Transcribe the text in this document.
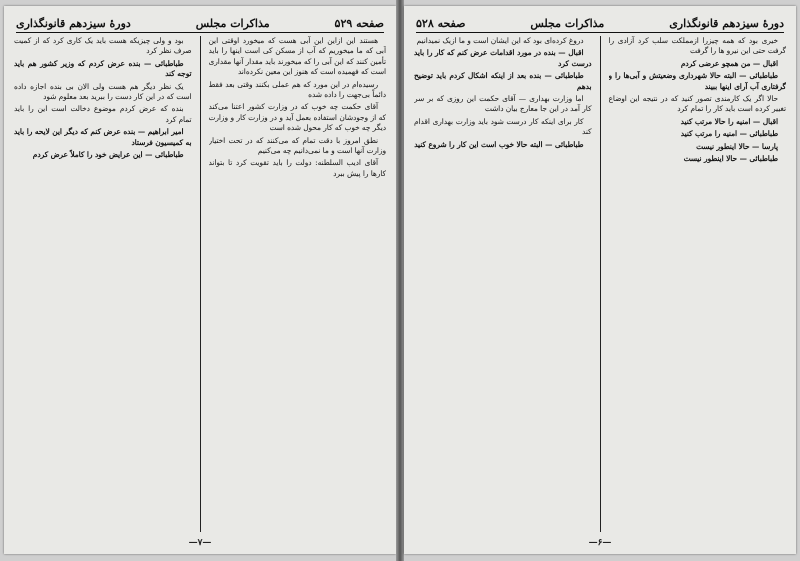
صفحه ۵۲۹
مذاکرات مجلس
دورهٔ سیزدهم قانونگذاری

هستند این ازاین این آبی هست که میخورد اوقتی این آبی که ما میخوریم که آب از مسکن کی است اینها را باید تأمین کنند که این آبی را که میخورند باید مقدار آنها مقداری است که فهمیده است که هنوز این معین نکرده‌اند

رسیده‌ام در این مورد که هم عملی بکنند وقتی بعد فقط دائماً بی‌جهت را داده شده

آقای حکمت چه خوب که در وزارت کشور اعتنا می‌کند که از وجودشان استفاده بعمل آید و در وزارت کار و وزارت دیگر چه خوب که کار محول شده است

نطق امروز با دقت تمام که می‌کنند که در تحت اختیار وزارت آنها است و ما نمی‌دانیم چه می‌کنیم

آقای ادیب السلطنه: دولت را باید تقویت کرد تا بتواند کارها را پیش ببرد

بود و ولی چیزیکه هست باید یک کاری کرد که از کمیت صرف نظر کرد

طباطبائی — بنده عرض کردم که وزیر کشور هم باید توجه کند

یک نظر دیگر هم هست ولی الان بی بنده اجازه داده است که در این کار دست را ببرید بعد معلوم شود

بنده که عرض کردم موضوع دخالت است این را باید تمام کرد

امیر ابراهیم — بنده عرض کنم که دیگر این لایحه را باید به کمیسیون فرستاد

طباطبائی — این عرایض خود را کاملاً عرض کردم

—۷—
دورهٔ سیزدهم قانونگذاری
مذاکرات مجلس
صفحه ۵۲۸

خیری بود که همه چیزرا ازمملکت سلب کرد آزادی را گرفت حتی این نیرو ها را گرفت

اقبال — من همچو عرضی کردم

طباطبائی — البته حالا شهرداری وضعیتش و آبی‌ها را و گرفتاری آب آرای اینها ببیند

حالا اگر یک کارمندی تصور کنید که در نتیجه این اوضاع تغییر کرده است باید کار را تمام کرد

اقبال — امنیه را حالا مرتب کنید

طباطبائی — امنیه را مرتب کنید

پارسا — حالا اینطور نیست

طباطبائی — حالا اینطور نیست

دروغ کرده‌ای بود که این ایشان است و ما ازیک نمیدانیم

اقبال — بنده در مورد اقدامات عرض کنم که کار را باید درست کرد

طباطبائی — بنده بعد از اینکه اشکال کردم باید توضیح بدهم

اما وزارت بهداری — آقای حکمت این روزی که بر سر کار آمد در این جا معارج بیان داشت

کار برای اینکه کار درست شود باید وزارت بهداری اقدام کند

طباطبائی — البته حالا خوب است این کار را شروع کنید

—۶—
